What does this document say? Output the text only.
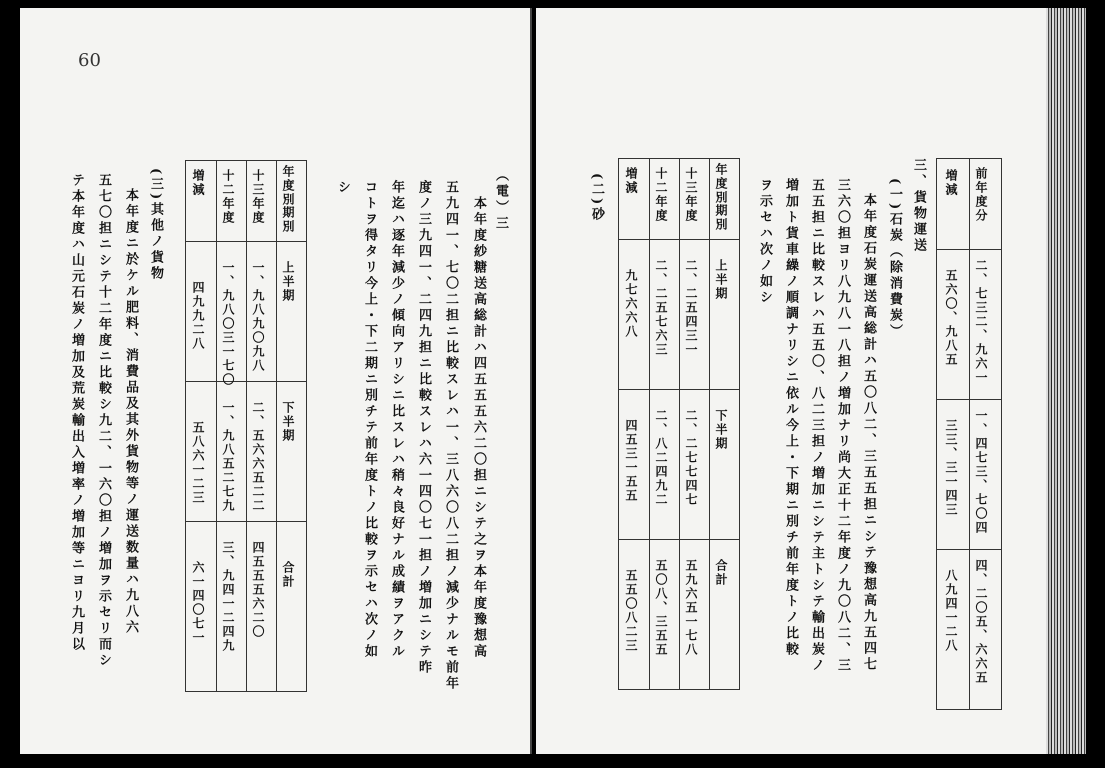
60
（電）三
本年度紗糖送高総計ハ四五五五六二〇担ニシテ之ヲ本年度豫想高
五九四一、七〇二担ニ比較スレハ一、三八六〇八二担ノ減少ナルモ前年
度ノ三九四一、二四九担ニ比較スレハ六一四〇七一担ノ増加ニシテ昨
年迄ハ逐年減少ノ傾向アリシニ比スレハ稍々良好ナル成績ヲアクル
コトヲ得タリ今上・下二期ニ別チテ前年度トノ比較ヲ示セハ次ノ如
シ
期別
年度別
十三年度
十二年度
増減
上半期
下半期
合計
一、九八九〇九八
二、五六六五二二
四五五五六二〇
一、九八〇三一七〇
一、九八五二七九
三、九四一二四九
四九九二八
五八六一二三
六一四〇七一
(三)其他ノ貨物
本年度ニ於ケル肥料、消費品及其外貨物等ノ運送数量ハ九八六
五七〇担ニシテ十二年度ニ比較シ九二、一六〇担ノ増加ヲ示セリ而シ
テ本年度ハ山元石炭ノ増加及荒炭輸出入増率ノ増加等ニヨリ九月以	前年度分
増減
二、七三二、九六一
一、四七三、七〇四
四、二〇五、六六五
五六〇、九八五
三三、三一四三
八九四一二八
三、貨物運送
(一)石炭（除消費炭）
本年度石炭運送高総計ハ五〇八二、三五五担ニシテ豫想高九五四七
三六〇担ヨリ八九八一八担ノ増加ナリ尚大正十二年度ノ九〇八二、三
五五担ニ比較スレハ五五〇、八二三担ノ増加ニシテ主トシテ輸出炭ノ
増加ト貨車繰ノ順調ナリシニ依ル今上・下期ニ別チ前年度トノ比較
ヲ示セハ次ノ如シ
年度別
期別
十三年度
十二年度
増減
上半期
下半期
合計
二、二五四三一
二、二七七四七
五九六五一七八
二、二五七六三
二、八二四九二
五〇八、三五五
九七六六八
四五三一五五
五五〇八二三
(二)砂
